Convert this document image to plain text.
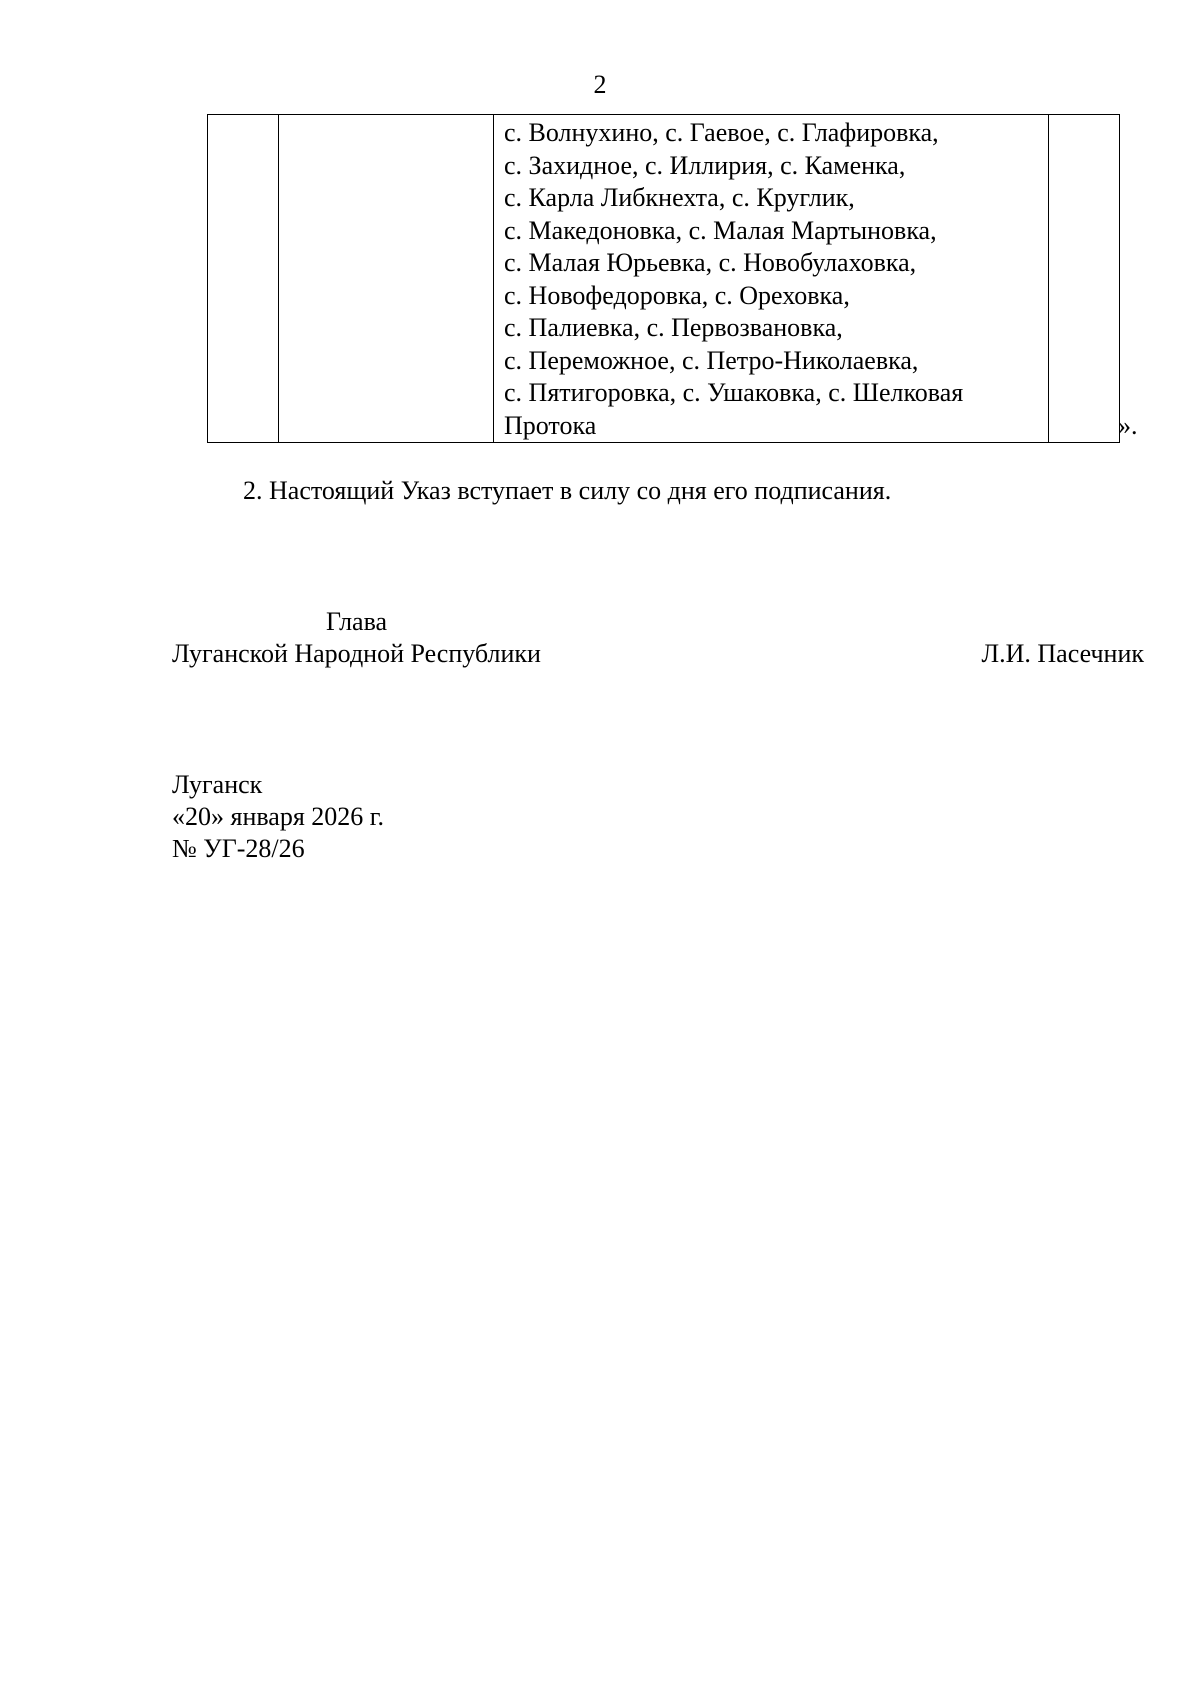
2

с. Волнухино, с. Гаевое, с. Глафировка,
с. Захидное, с. Иллирия, с. Каменка,
с. Карла Либкнехта, с. Круглик,
с. Македоновка, с. Малая Мартыновка,
с. Малая Юрьевка, с. Новобулаховка,
с. Новофедоровка, с. Ореховка,
с. Палиевка, с. Первозвановка,
с. Переможное, с. Петро-Николаевка,
с. Пятигоровка, с. Ушаковка, с. Шелковая
Протока
		».
2. Настоящий Указ вступает в силу со дня его подписания.
Глава
Луганской Народной Республики	Л.И. Пасечник
Луганск
«20» января 2026 г.
№ УГ-28/26
